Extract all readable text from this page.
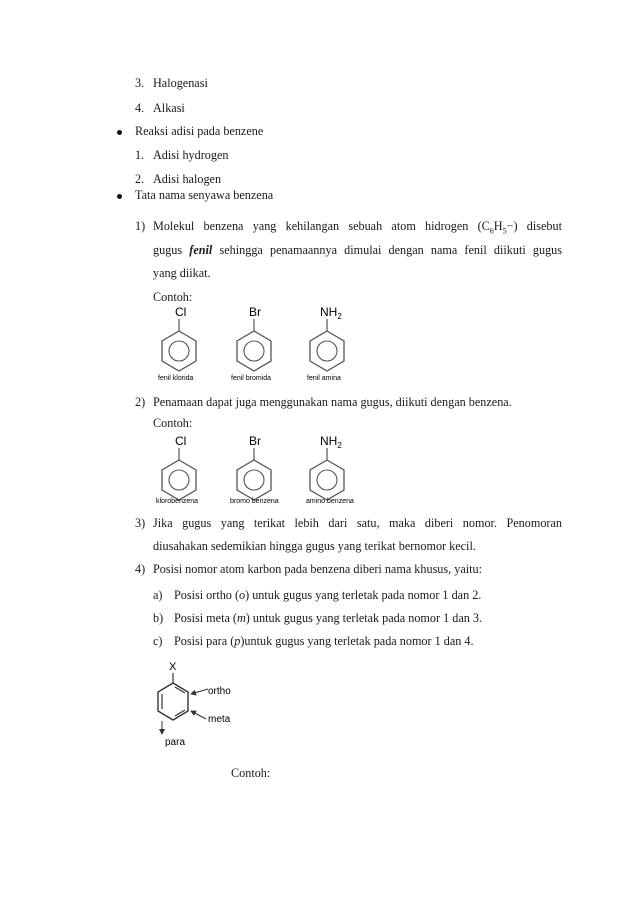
3. Halogenasi
4. Alkasi
Reaksi adisi pada benzene
1. Adisi hydrogen
2. Adisi halogen
Tata nama senyawa benzena
1) Molekul benzena yang kehilangan sebuah atom hidrogen $(C_6H_5-)$ disebut
gugus fenil sehingga penamaannya dimulai dengan nama fenil diikuti gugus
yang diikat.
Contoh:
Cl
fenil klorida
Br
fenil bromida
$NH_2$
fenil amina
2) Penamaan dapat juga menggunakan nama gugus, diikuti dengan benzena.
Contoh:
Cl
klorobenzena
Br
bromo benzena
$NH_2$
amino benzena
3) Jika gugus yang terikat lebih dari satu, maka diberi nomor. Penomoran
diusahakan sedemikian hingga gugus yang terikat bernomor kecil.
4) Posisi nomor atom karbon pada benzena diberi nama khusus, yaitu:
a) Posisi ortho (o) untuk gugus yang terletak pada nomor 1 dan 2.
b) Posisi meta (m) untuk gugus yang terletak pada nomor 1 dan 3.
c) Posisi para (p)untuk gugus yang terletak pada nomor 1 dan 4.
X
ortho
meta
para
Contoh:
